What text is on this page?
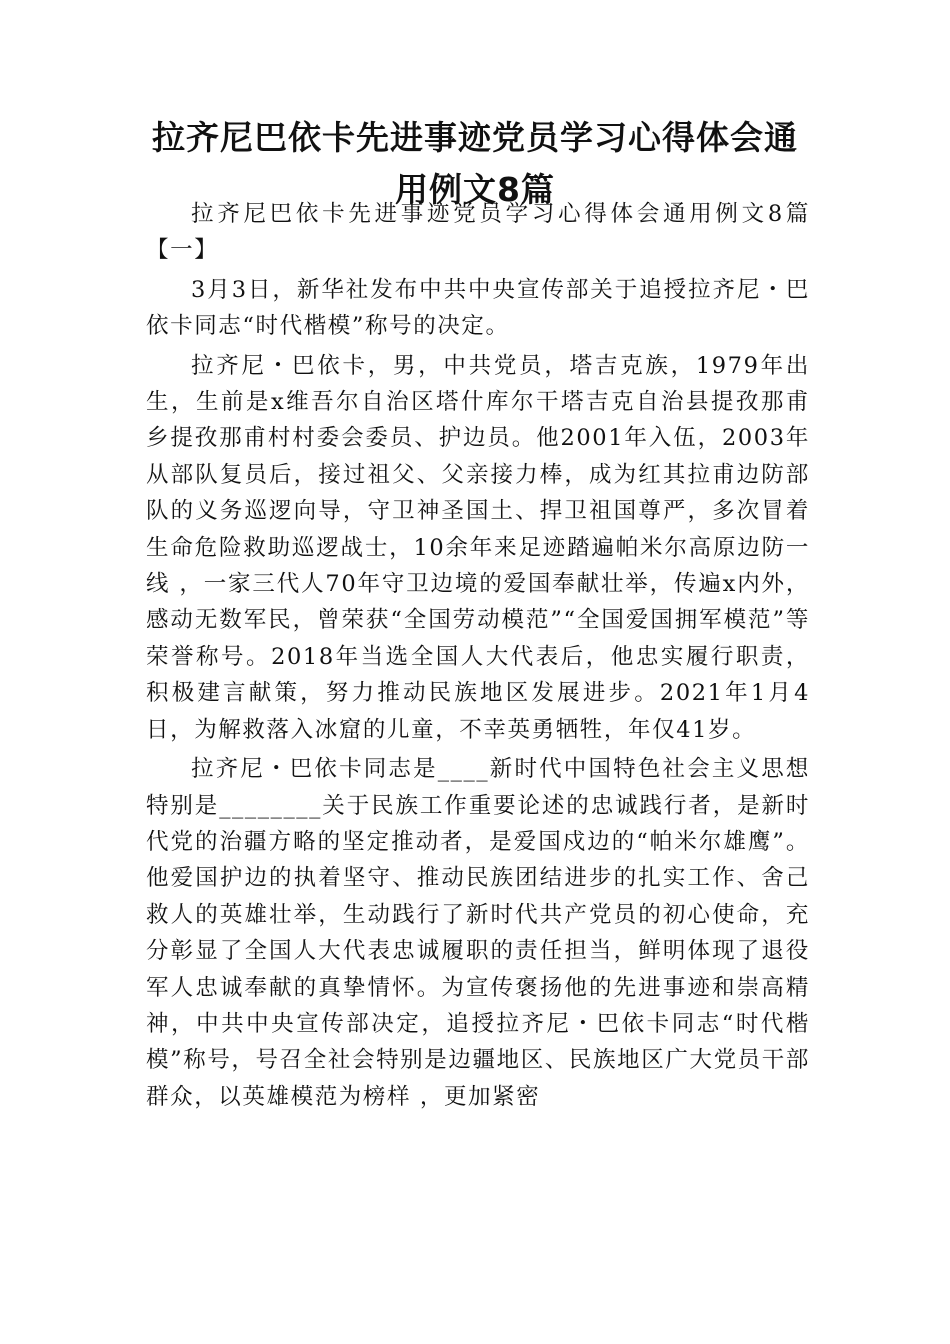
拉齐尼巴依卡先进事迹党员学习心得体会通
用例文8篇

拉齐尼巴依卡先进事迹党员学习心得体会通用例文8篇【一】

3月3日，新华社发布中共中央宣传部关于追授拉齐尼・巴依卡同志“时代楷模”称号的决定。

拉齐尼・巴依卡，男，中共党员，塔吉克族，1979年出生，生前是x维吾尔自治区塔什库尔干塔吉克自治县提孜那甫乡提孜那甫村村委会委员、护边员。他2001年入伍，2003年从部队复员后，接过祖父、父亲接力棒，成为红其拉甫边防部队的义务巡逻向导，守卫神圣国土、捍卫祖国尊严，多次冒着生命危险救助巡逻战士，10余年来足迹踏遍帕米尔高原边防一线 ，一家三代人70年守卫边境的爱国奉献壮举，传遍x内外，感动无数军民，曾荣获“全国劳动模范”“全国爱国拥军模范”等荣誉称号。2018年当选全国人大代表后，他忠实履行职责，积极建言献策，努力推动民族地区发展进步。2021年1月4日，为解救落入冰窟的儿童，不幸英勇牺牲，年仅41岁。

拉齐尼・巴依卡同志是____新时代中国特色社会主义思想特别是________关于民族工作重要论述的忠诚践行者，是新时代党的治疆方略的坚定推动者，是爱国戍边的“帕米尔雄鹰”。他爱国护边的执着坚守、推动民族团结进步的扎实工作、舍己救人的英雄壮举，生动践行了新时代共产党员的初心使命，充分彰显了全国人大代表忠诚履职的责任担当，鲜明体现了退役军人忠诚奉献的真挚情怀。为宣传褒扬他的先进事迹和崇高精神，中共中央宣传部决定，追授拉齐尼・巴依卡同志“时代楷模”称号，号召全社会特别是边疆地区、民族地区广大党员干部群众，以英雄模范为榜样 ，更加紧密
